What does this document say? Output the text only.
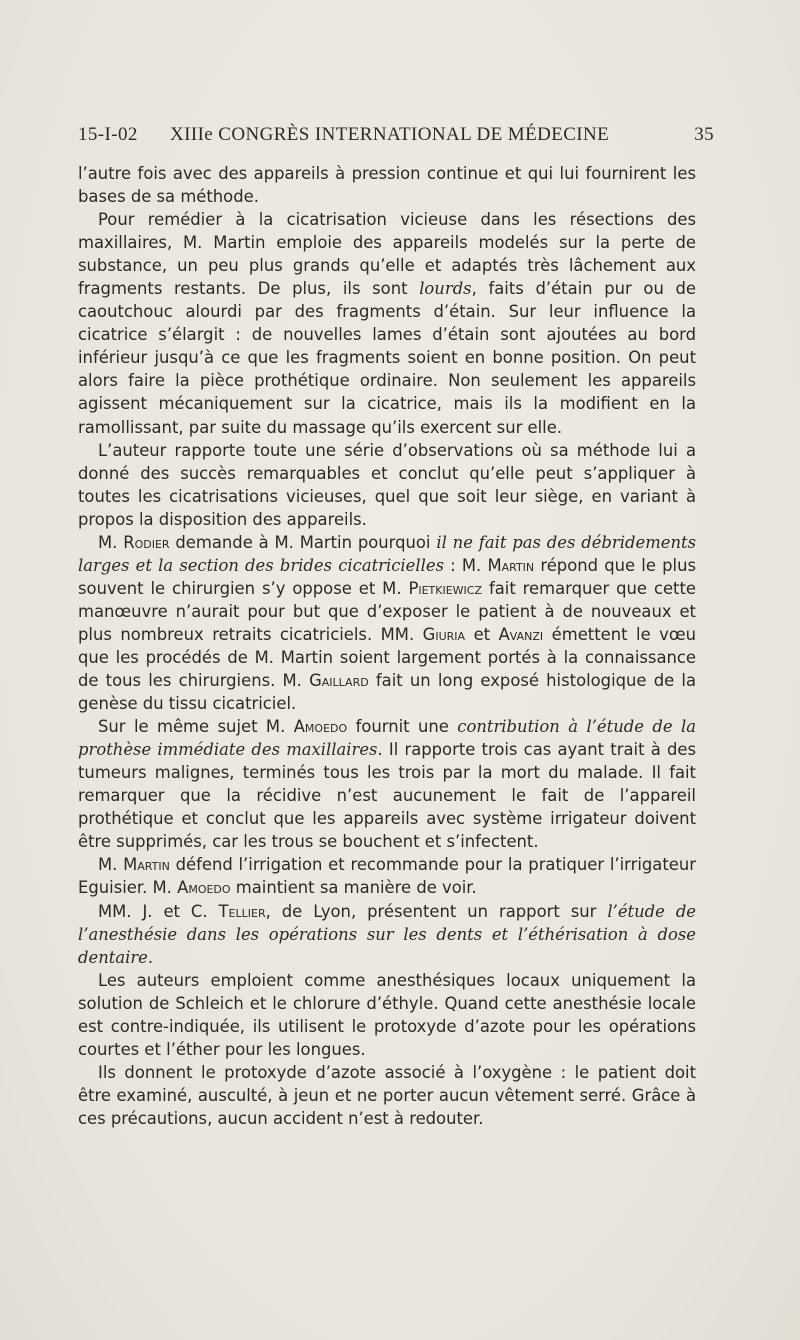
15-I-02 XIIIe CONGRÈS INTERNATIONAL DE MÉDECINE	35

l’autre fois avec des appareils à pression continue et qui lui fournirent les bases de sa méthode.

Pour remédier à la cicatrisation vicieuse dans les résections des maxillaires, M. Martin emploie des appareils modelés sur la perte de substance, un peu plus grands qu’elle et adaptés très lâchement aux fragments restants. De plus, ils sont lourds, faits d’étain pur ou de caoutchouc alourdi par des fragments d’étain. Sur leur influence la cicatrice s’élargit : de nouvelles lames d’étain sont ajoutées au bord inférieur jusqu’à ce que les fragments soient en bonne position. On peut alors faire la pièce prothétique ordinaire. Non seulement les appareils agissent mécaniquement sur la cicatrice, mais ils la modifient en la ramollissant, par suite du massage qu’ils exercent sur elle.

L’auteur rapporte toute une série d’observations où sa méthode lui a donné des succès remarquables et conclut qu’elle peut s’appliquer à toutes les cicatrisations vicieuses, quel que soit leur siège, en variant à propos la disposition des appareils.

M. Rodier demande à M. Martin pourquoi il ne fait pas des débridements larges et la section des brides cicatricielles : M. Martin répond que le plus souvent le chirurgien s’y oppose et M. Pietkiewicz fait remarquer que cette manœuvre n’aurait pour but que d’exposer le patient à de nouveaux et plus nombreux retraits cicatriciels. MM. Giuria et Avanzi émettent le vœu que les procédés de M. Martin soient largement portés à la connaissance de tous les chirurgiens. M. Gaillard fait un long exposé histologique de la genèse du tissu cicatriciel.

Sur le même sujet M. Amoedo fournit une contribution à l’étude de la prothèse immédiate des maxillaires. Il rapporte trois cas ayant trait à des tumeurs malignes, terminés tous les trois par la mort du malade. Il fait remarquer que la récidive n’est aucunement le fait de l’appareil prothétique et conclut que les appareils avec système irrigateur doivent être supprimés, car les trous se bouchent et s’infectent.

M. Martin défend l’irrigation et recommande pour la pratiquer l’irrigateur Eguisier. M. Amoedo maintient sa manière de voir.

MM. J. et C. Tellier, de Lyon, présentent un rapport sur l’étude de l’anesthésie dans les opérations sur les dents et l’éthérisation à dose dentaire.

Les auteurs emploient comme anesthésiques locaux uniquement la solution de Schleich et le chlorure d’éthyle. Quand cette anesthésie locale est contre-indiquée, ils utilisent le protoxyde d’azote pour les opérations courtes et l’éther pour les longues.

Ils donnent le protoxyde d’azote associé à l’oxygène : le patient doit être examiné, ausculté, à jeun et ne porter aucun vêtement serré. Grâce à ces précautions, aucun accident n’est à redouter.
